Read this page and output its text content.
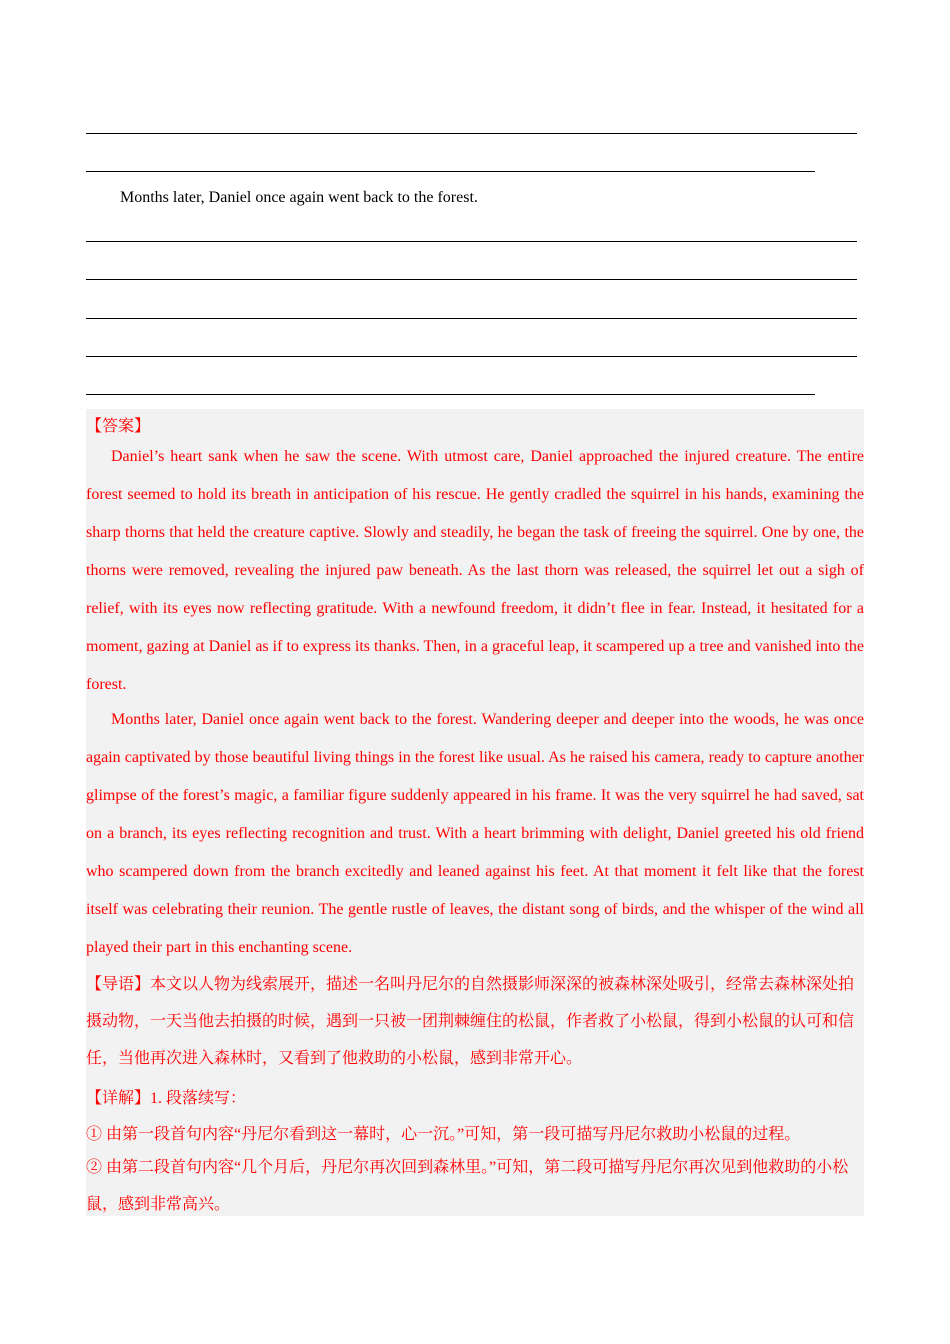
Months later, Daniel once again went back to the forest.
【答案】
Daniel’s heart sank when he saw the scene. With utmost care, Daniel approached the injured creature. The entire forest seemed to hold its breath in anticipation of his rescue. He gently cradled the squirrel in his hands, examining the sharp thorns that held the creature captive. Slowly and steadily, he began the task of freeing the squirrel. One by one, the thorns were removed, revealing the injured paw beneath. As the last thorn was released, the squirrel let out a sigh of relief, with its eyes now reflecting gratitude. With a newfound freedom, it didn’t flee in fear. Instead, it hesitated for a moment, gazing at Daniel as if to express its thanks. Then, in a graceful leap, it scampered up a tree and vanished into the forest.
Months later, Daniel once again went back to the forest. Wandering deeper and deeper into the woods, he was once again captivated by those beautiful living things in the forest like usual. As he raised his camera, ready to capture another glimpse of the forest’s magic, a familiar figure suddenly appeared in his frame. It was the very squirrel he had saved, sat on a branch, its eyes reflecting recognition and trust. With a heart brimming with delight, Daniel greeted his old friend who scampered down from the branch excitedly and leaned against his feet. At that moment it felt like that the forest itself was celebrating their reunion. The gentle rustle of leaves, the distant song of birds, and the whisper of the wind all played their part in this enchanting scene.
【导语】本文以人物为线索展开，描述一名叫丹尼尔的自然摄影师深深的被森林深处吸引，经常去森林深处拍摄动物，一天当他去拍摄的时候，遇到一只被一团荆棘缠住的松鼠，作者救了小松鼠，得到小松鼠的认可和信任，当他再次进入森林时，又看到了他救助的小松鼠，感到非常开心。
【详解】1. 段落续写：
① 由第一段首句内容“丹尼尔看到这一幕时，心一沉。”可知，第一段可描写丹尼尔救助小松鼠的过程。
② 由第二段首句内容“几个月后，丹尼尔再次回到森林里。”可知，第二段可描写丹尼尔再次见到他救助的小松鼠，感到非常高兴。
